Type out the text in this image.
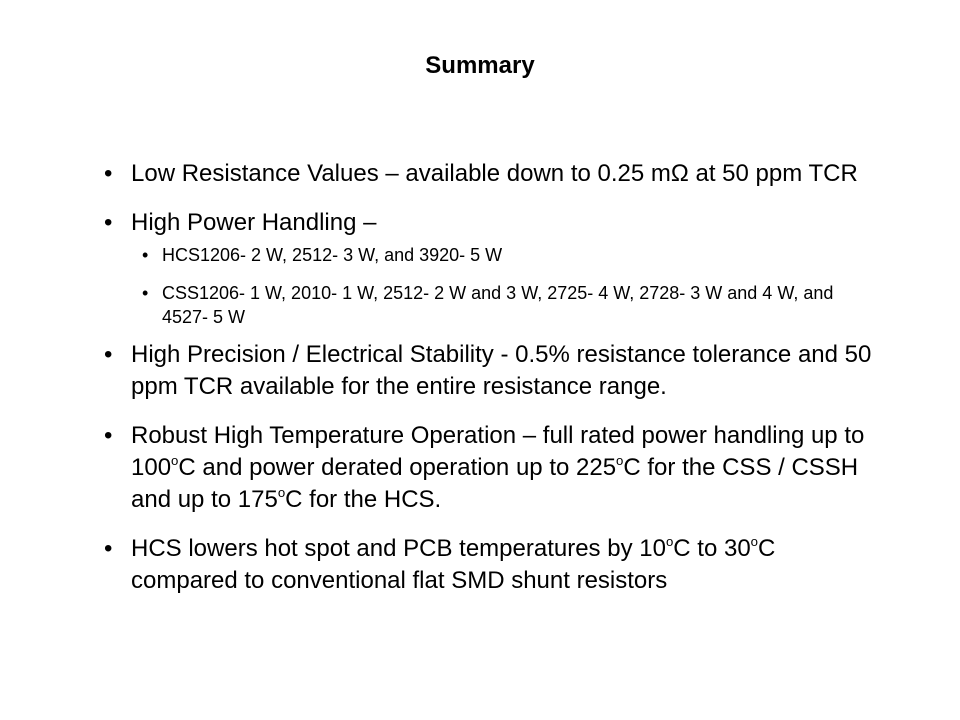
Summary
• Low Resistance Values – available down to 0.25 mΩ at 50 ppm TCR
• High Power Handling –
• HCS1206- 2 W, 2512- 3 W, and 3920- 5 W
• CSS1206- 1 W, 2010- 1 W, 2512- 2 W and 3 W, 2725- 4 W, 2728- 3 W and 4 W, and 4527- 5 W
• High Precision / Electrical Stability - 0.5% resistance tolerance and 50 ppm TCR available for the entire resistance range.
• Robust High Temperature Operation – full rated power handling up to 100$^o$C and power derated operation up to 225$^o$C for the CSS / CSSH and up to 175$^o$C for the HCS.
• HCS lowers hot spot and PCB temperatures by 10$^o$C to 30$^o$C compared to conventional flat SMD shunt resistors
